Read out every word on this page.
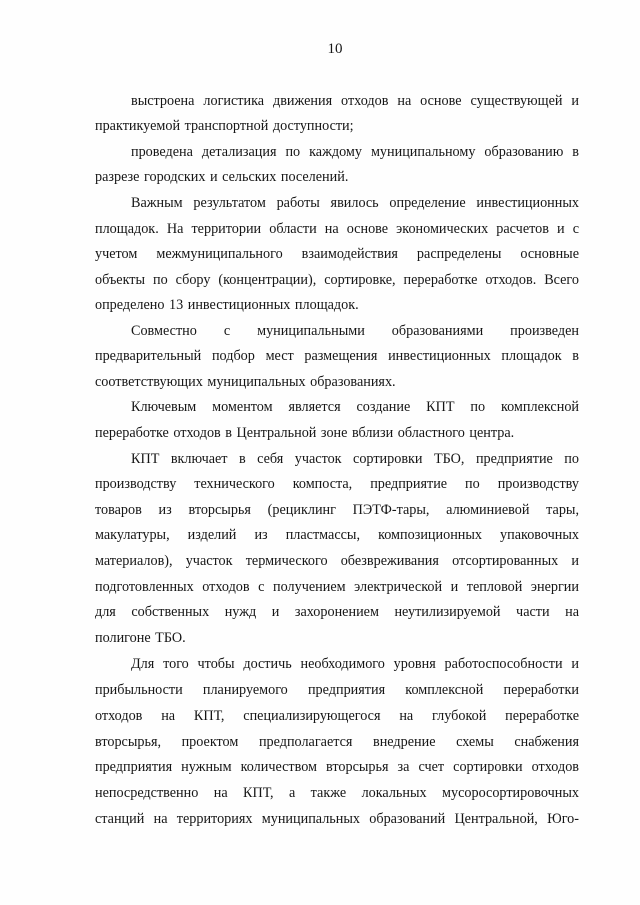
10
выстроена логистика движения отходов на основе существующей и
практикуемой транспортной доступности;
проведена детализация по каждому муниципальному образованию в
разрезе городских и сельских поселений.
Важным результатом работы явилось определение инвестиционных
площадок. На территории области на основе экономических расчетов и с
учетом межмуниципального взаимодействия распределены основные
объекты по сбору (концентрации), сортировке, переработке отходов. Всего
определено 13 инвестиционных площадок.
Совместно с муниципальными образованиями произведен
предварительный подбор мест размещения инвестиционных площадок в
соответствующих муниципальных образованиях.
Ключевым моментом является создание КПТ по комплексной
переработке отходов в Центральной зоне вблизи областного центра.
КПТ включает в себя участок сортировки ТБО, предприятие по
производству технического компоста, предприятие по производству
товаров из вторсырья (рециклинг ПЭТФ-тары, алюминиевой тары,
макулатуры, изделий из пластмассы, композиционных упаковочных
материалов), участок термического обезвреживания отсортированных и
подготовленных отходов с получением электрической и тепловой энергии
для собственных нужд и захоронением неутилизируемой части на
полигоне ТБО.
Для того чтобы достичь необходимого уровня работоспособности и
прибыльности планируемого предприятия комплексной переработки
отходов на КПТ, специализирующегося на глубокой переработке
вторсырья, проектом предполагается внедрение схемы снабжения
предприятия нужным количеством вторсырья за счет сортировки отходов
непосредственно на КПТ, а также локальных мусоросортировочных
станций на территориях муниципальных образований Центральной, Юго-
